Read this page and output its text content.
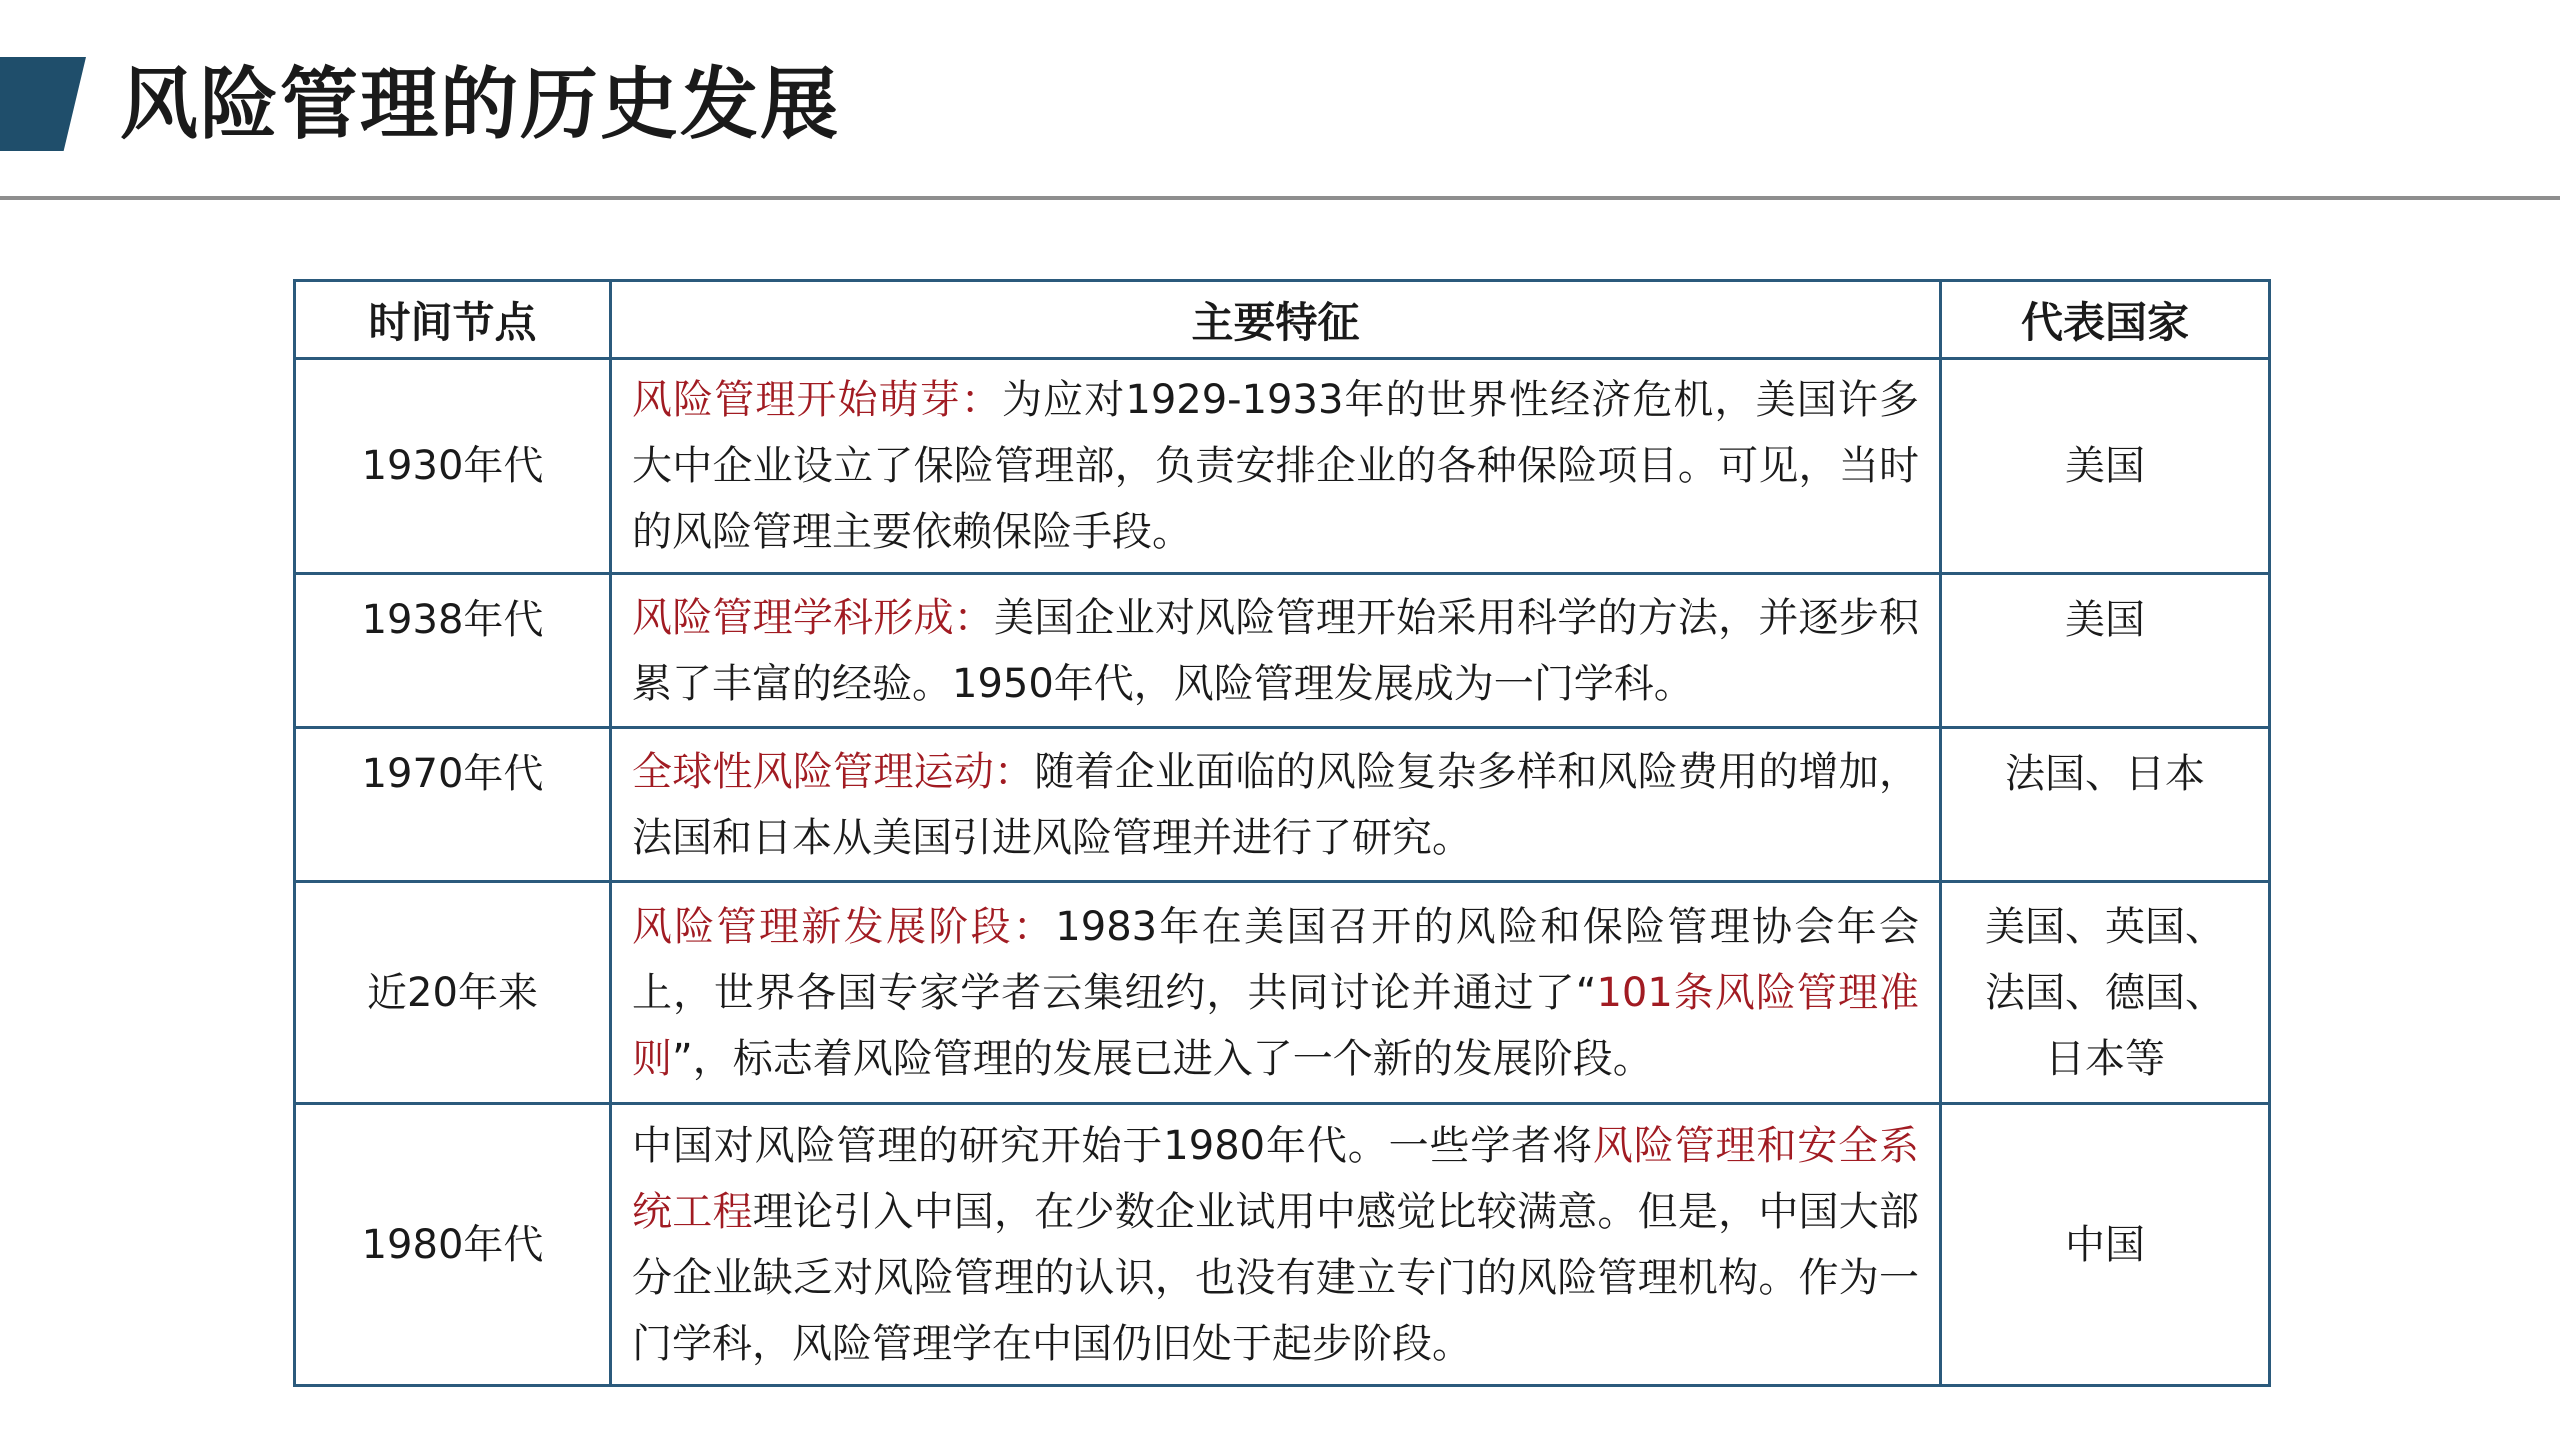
风险管理的历史发展
时间节点	主要特征	代表国家
1930年代	风险管理开始萌芽：为应对1929-1933年的世界性经济危机，美国许多大中企业设立了保险管理部，负责安排企业的各种保险项目。可见，当时的风险管理主要依赖保险手段。	美国
1938年代	风险管理学科形成：美国企业对风险管理开始采用科学的方法，并逐步积累了丰富的经验。1950年代，风险管理发展成为一门学科。	美国
1970年代	全球性风险管理运动：随着企业面临的风险复杂多样和风险费用的增加，法国和日本从美国引进风险管理并进行了研究。	法国、日本
近20年来	风险管理新发展阶段：1983年在美国召开的风险和保险管理协会年会上，世界各国专家学者云集纽约，共同讨论并通过了“101条风险管理准则”，标志着风险管理的发展已进入了一个新的发展阶段。	美国、英国、法国、德国、日本等
1980年代	中国对风险管理的研究开始于1980年代。一些学者将风险管理和安全系统工程理论引入中国，在少数企业试用中感觉比较满意。但是，中国大部分企业缺乏对风险管理的认识，也没有建立专门的风险管理机构。作为一门学科，风险管理学在中国仍旧处于起步阶段。	中国
